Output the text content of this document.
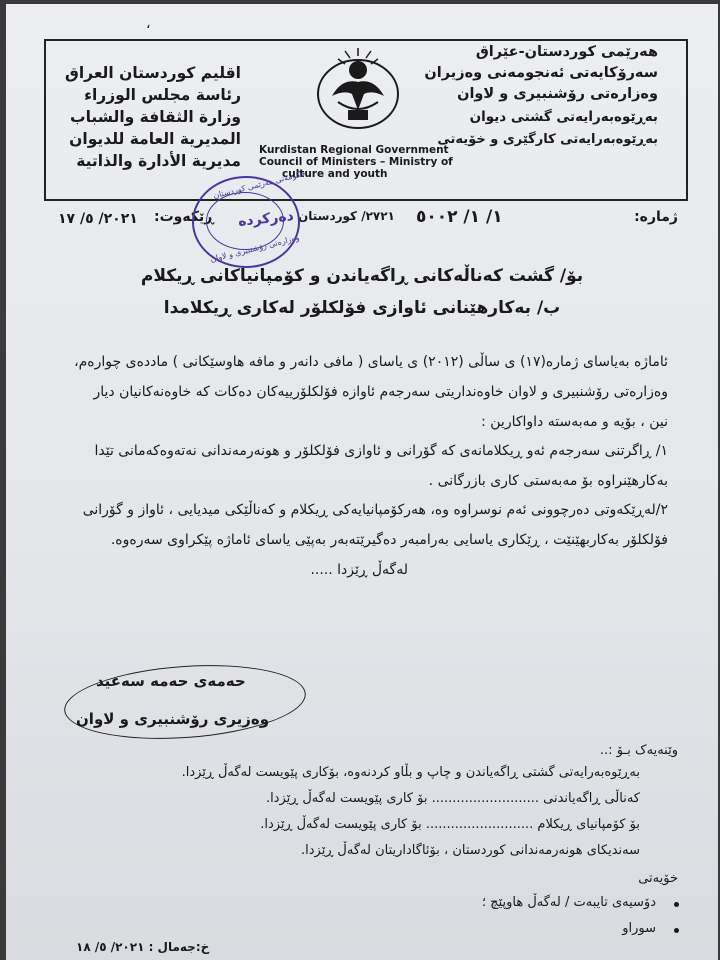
،
هەرێمی کوردستان-عێراق
سەرۆکایەتی ئەنجومەنی وەزیران
وەزارەتی رۆشنبیری و لاوان
بەڕێوەبەرایەتی گشتی دیوان
بەڕێوەبەرایەتی کارگێری و خۆیەتی
اقليم كوردستان العراق
رئاسة مجلس الوزراء
وزارة الثقافة والشباب
المديرية العامة للديوان
مديرية الأدارة والذاتية
Kurdistan Regional Government
Council of Ministers – Ministry of
culture and youth
ژمارە:
١/ ١/ ٥٠٠٢
٢٧٢١/ كوردستان
ڕێکەوت:
٢٠٢١/ ٥/ ١٧
حکومەتی هەرێمی کوردستان
وەزارەتی رۆشنبیری و لاوان
دەرکردە
بۆ/ گشت کەناڵەکانی ڕاگەیاندن و کۆمپانیاکانی ڕیکلام
ب/ بەکارهێنانی ئاوازی فۆلکلۆر لەکاری ڕیکلامدا
ئاماژە بەیاسای ژمارە(١٧) ی ساڵی (٢٠١٢) ی یاسای ( مافی دانەر و مافە هاوسێکانی ) ماددەی چوارەم،
وەزارەتی رۆشنبیری و لاوان خاوەنداریتی سەرجەم ئاوازە فۆلکلۆرییەکان دەکات کە خاوەنەکانیان دیار
نین ، بۆیە و مەبەستە داواکارین :
١/ ڕاگرتنی سەرجەم ئەو ڕیکلامانەی کە گۆرانی و ئاوازی فۆلکلۆر و هونەرمەندانی نەتەوەکەمانی تێدا
بەکارهێنراوە بۆ مەبەستی کاری بازرگانی .
٢/لەڕێکەوتی دەرچوونی ئەم نوسراوە وە، هەرکۆمپانیایەکی ڕیکلام و کەناڵێکی میدیایی ، ئاواز و گۆرانی
فۆلکلۆر بەکاربهێنێت ، ڕێکاری یاسایی بەرامبەر دەگیرێتەبەر بەپێی یاسای ئاماژە پێکراوی سەرەوە.
لەگەڵ ڕێزدا .....
حەمەی حەمە سەعید
وەزیری رۆشنبیری و لاوان
وێنەیەک بـۆ :..
بەڕێوەبەرایەتی گشتی ڕاگەیاندن و چاپ و بڵاو کردنەوە، بۆکاری پێویست لەگەڵ ڕێزدا.
کەناڵی ڕاگەیاندنی .......................... بۆ کاری پێویست لەگەڵ ڕێزدا.
بۆ کۆمپانیای ڕیکلام .......................... بۆ کاری پێویست لەگەڵ ڕێزدا.
سەندیکای هونەرمەندانی کوردستان ، بۆئاگاداریتان لەگەڵ ڕێزدا.
خۆیەتی
دۆسیەی تایبەت / لەگەڵ هاوپێچ ؛
سوراو
خ:جەمال : ٢٠٢١/ ٥/ ١٨
